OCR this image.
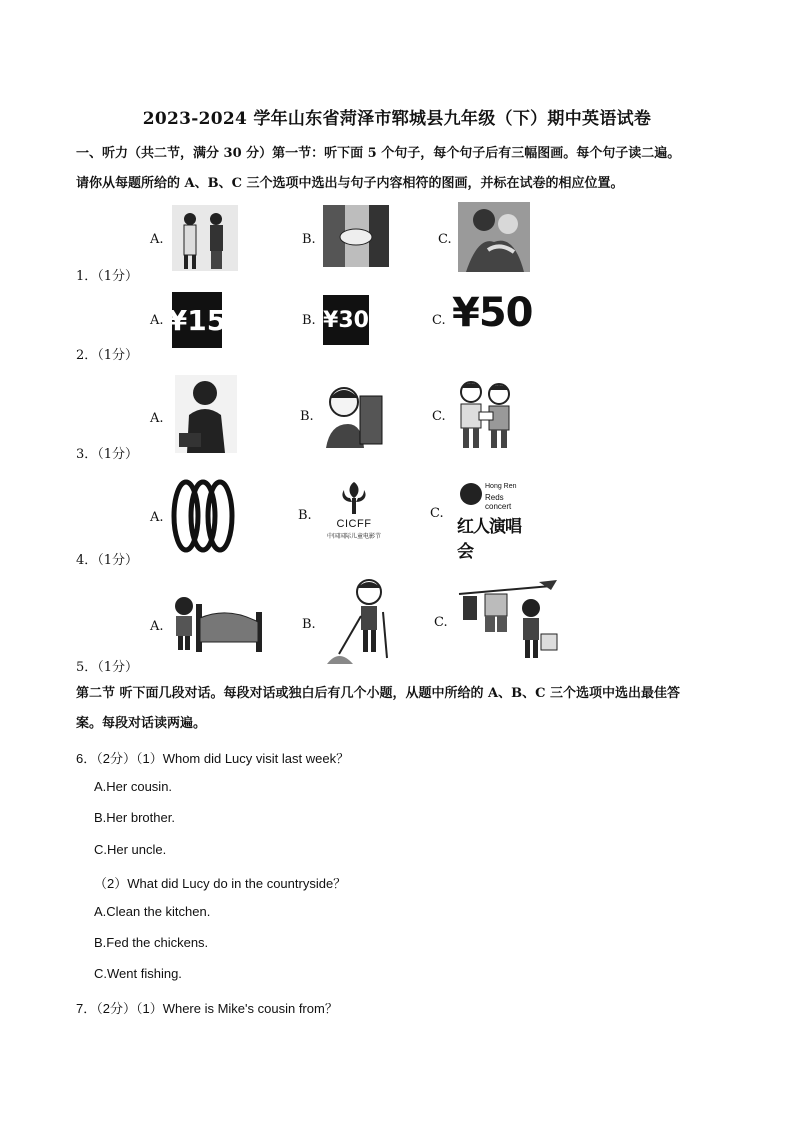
2023-2024 学年山东省菏泽市郓城县九年级（下）期中英语试卷
一、听力（共二节，满分 30 分）第一节：听下面 5 个句子，每个句子后有三幅图画。每个句子读二遍。
请你从每题所给的 A、B、C 三个选项中选出与句子内容相符的图画，并标在试卷的相应位置。
1．（1分）
A.	B.	C.
2．（1分）
A. ¥15	B. ¥30	C. ¥50
3．（1分）
A.	B.	C.
4．（1分）
A.	B.
CICFF
中国国际儿童电影节
C.
Hong Ren
Reds concert
红人演唱会
5．（1分）
A.	B.	C.
第二节 听下面几段对话。每段对话或独白后有几个小题，从题中所给的 A、B、C 三个选项中选出最佳答
案。每段对话读两遍。
6．（2分）（1）Whom did Lucy visit last week？
A.Her cousin.
B.Her brother.
C.Her uncle.
（2）What did Lucy do in the countryside？
A.Clean the kitchen.
B.Fed the chickens.
C.Went fishing.
7．（2分）（1）Where is Mike's cousin from？
